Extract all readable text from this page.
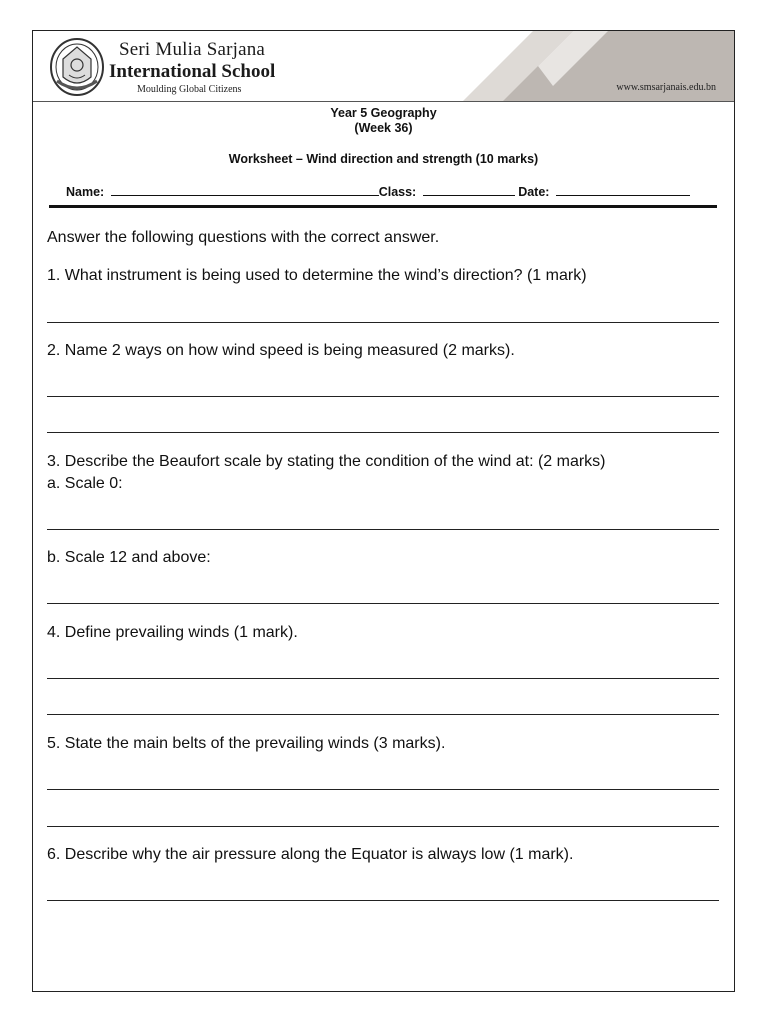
Seri Mulia Sarjana
International School
Moulding Global Citizens	www.smsarjanais.edu.bn
Year 5 Geography
(Week 36)
Worksheet – Wind direction and strength (10 marks)
Name:	Class:	Date:
Answer the following questions with the correct answer.
1. What instrument is being used to determine the wind’s direction? (1 mark)
2. Name 2 ways on how wind speed is being measured (2 marks).
3. Describe the Beaufort scale by stating the condition of the wind at: (2 marks)
a. Scale 0:
b. Scale 12 and above:
4. Define prevailing winds (1 mark).
5. State the main belts of the prevailing winds (3 marks).
6. Describe why the air pressure along the Equator is always low (1 mark).
